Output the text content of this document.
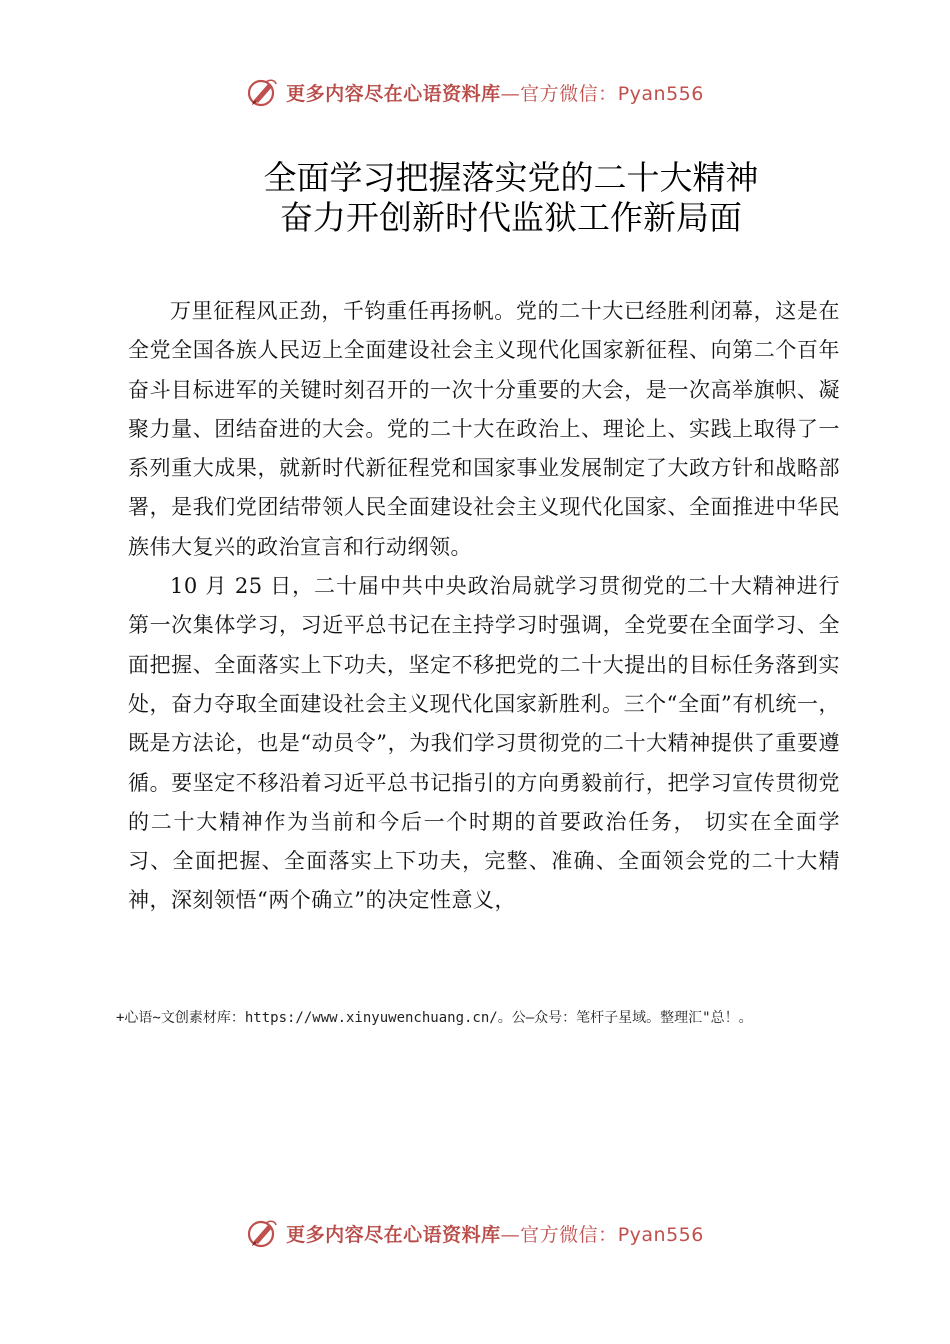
更多内容尽在心语资料库—官方微信：Pyan556
全面学习把握落实党的二十大精神
奋力开创新时代监狱工作新局面

万里征程风正劲，千钧重任再扬帆。党的二十大已经胜利闭幕，这是在全党全国各族人民迈上全面建设社会主义现代化国家新征程、向第二个百年奋斗目标进军的关键时刻召开的一次十分重要的大会，是一次高举旗帜、凝聚力量、团结奋进的大会。党的二十大在政治上、理论上、实践上取得了一系列重大成果，就新时代新征程党和国家事业发展制定了大政方针和战略部署，是我们党团结带领人民全面建设社会主义现代化国家、全面推进中华民族伟大复兴的政治宣言和行动纲领。

10 月 25 日，二十届中共中央政治局就学习贯彻党的二十大精神进行第一次集体学习，习近平总书记在主持学习时强调，全党要在全面学习、全面把握、全面落实上下功夫，坚定不移把党的二十大提出的目标任务落到实处，奋力夺取全面建设社会主义现代化国家新胜利。三个“全面”有机统一，既是方法论，也是“动员令”，为我们学习贯彻党的二十大精神提供了重要遵循。要坚定不移沿着习近平总书记指引的方向勇毅前行，把学习宣传贯彻党的二十大精神作为当前和今后一个时期的首要政治任务， 切实在全面学习、全面把握、全面落实上下功夫，完整、准确、全面领会党的二十大精神，深刻领悟“两个确立”的决定性意义，

+心语~文创素材库：https://www.xinyuwenchuang.cn/。公—众号：笔杆子星域。整理汇"总！。
更多内容尽在心语资料库—官方微信：Pyan556
